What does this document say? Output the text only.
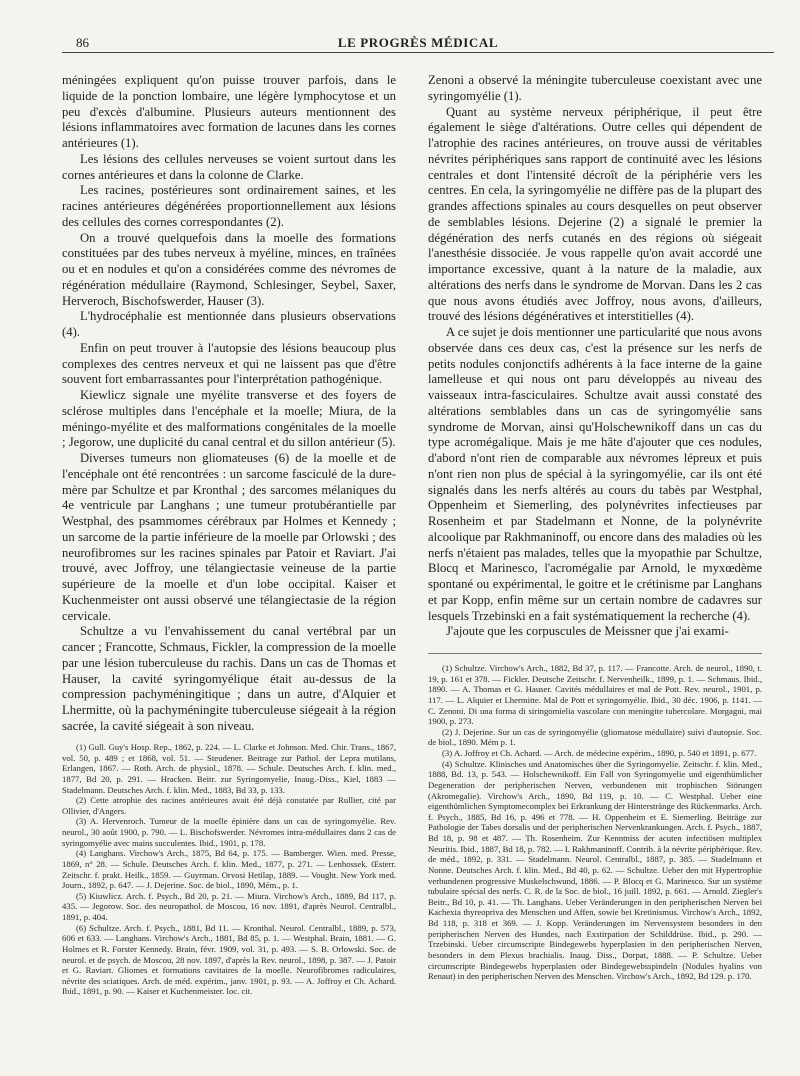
86	LE PROGRÈS MÉDICAL

méningées expliquent qu'on puisse trouver parfois, dans le liquide de la ponction lombaire, une légère lymphocytose et un peu d'excès d'albumine. Plusieurs auteurs mentionnent des lésions inflammatoires avec formation de lacunes dans les cornes antérieures (1).

Les lésions des cellules nerveuses se voient surtout dans les cornes antérieures et dans la colonne de Clarke.

Les racines, postérieures sont ordinairement saines, et les racines antérieures dégénérées proportionnellement aux lésions des cellules des cornes correspondantes (2).

On a trouvé quelquefois dans la moelle des formations constituées par des tubes nerveux à myéline, minces, en traînées ou et en nodules et qu'on a considérées comme des névromes de régénération médullaire (Raymond, Schlesinger, Seybel, Saxer, Herveroch, Bischofswerder, Hauser (3).

L'hydrocéphalie est mentionnée dans plusieurs observations (4).

Enfin on peut trouver à l'autopsie des lésions beaucoup plus complexes des centres nerveux et qui ne laissent pas que d'être souvent fort embarrassantes pour l'interprétation pathogénique.

Kiewlicz signale une myélite transverse et des foyers de sclérose multiples dans l'encéphale et la moelle; Miura, de la méningo-myélite et des malformations congénitales de la moelle ; Jegorow, une duplicité du canal central et du sillon antérieur (5).

Diverses tumeurs non gliomateuses (6) de la moelle et de l'encéphale ont été rencontrées : un sarcome fasciculé de la dure-mère par Schultze et par Kronthal ; des sarcomes mélaniques du 4e ventricule par Langhans ; une tumeur protubérantielle par Westphal, des psammomes cérébraux par Holmes et Kennedy ; un sarcome de la partie inférieure de la moelle par Orlowski ; des neurofibromes sur les racines spinales par Patoir et Raviart. J'ai trouvé, avec Joffroy, une télangiectasie veineuse de la partie supérieure de la moelle et d'un lobe occipital. Kaiser et Kuchenmeister ont aussi observé une télangiectasie de la région cervicale.

Schultze a vu l'envahissement du canal vertébral par un cancer ; Francotte, Schmaus, Fickler, la compression de la moelle par une lésion tuberculeuse du rachis. Dans un cas de Thomas et Hauser, la cavité syringomyélique était au-dessus de la compression pachyméningitique ; dans un autre, d'Alquier et Lhermitte, où la pachyméningite tuberculeuse siégeait à la région sacrée, la cavité siégeait à son niveau.

Zenoni a observé la méningite tuberculeuse coexistant avec une syringomyélie (1).

Quant au système nerveux périphérique, il peut être également le siège d'altérations. Outre celles qui dépendent de l'atrophie des racines antérieures, on trouve aussi de véritables névrites périphériques sans rapport de continuité avec les lésions centrales et dont l'intensité décroît de la périphérie vers les centres. En cela, la syringomyélie ne diffère pas de la plupart des grandes affections spinales au cours desquelles on peut observer de semblables lésions. Dejerine (2) a signalé le premier la dégénération des nerfs cutanés en des régions où siégeait l'anesthésie dissociée. Je vous rappelle qu'on avait accordé une importance excessive, quant à la nature de la maladie, aux altérations des nerfs dans le syndrome de Morvan. Dans les 2 cas que nous avons étudiés avec Joffroy, nous avons, d'ailleurs, trouvé des lésions dégénératives et interstitielles (4).

A ce sujet je dois mentionner une particularité que nous avons observée dans ces deux cas, c'est la présence sur les nerfs de petits nodules conjonctifs adhérents à la face interne de la gaine lamelleuse et qui nous ont paru développés au niveau des vaisseaux intra-fasciculaires. Schultze avait aussi constaté des altérations semblables dans un cas de syringomyélie sans syndrome de Morvan, ainsi qu'Holschewnikoff dans un cas du type acromégalique. Mais je me hâte d'ajouter que ces nodules, d'abord n'ont rien de comparable aux névromes lépreux et puis n'ont rien non plus de spécial à la syringomyélie, car ils ont été signalés dans les nerfs altérés au cours du tabès par Westphal, Oppenheim et Siemerling, des polynévrites infectieuses par Rosenheim et par Stadelmann et Nonne, de la polynévrite alcoolique par Rakhmaninoff, ou encore dans des maladies où les nerfs n'étaient pas malades, telles que la myopathie par Schultze, Blocq et Marinesco, l'acromégalie par Arnold, le myxœdème spontané ou expérimental, le goitre et le crétinisme par Langhans et par Kopp, enfin même sur un certain nombre de cadavres sur lesquels Trzebinski en a fait systématiquement la recherche (4).

J'ajoute que les corpuscules de Meissner que j'ai exami-

(1) Gull. Guy's Hosp. Rep., 1862, p. 224. — L. Clarke et Johnson. Med. Chir. Trans., 1867, vol. 50, p. 489 ; et 1868, vol. 51. — Steudener. Beitrage zur Pathol. der Lepra mutilans, Erlangen, 1867. — Roth. Arch. de physiol., 1878. — Schule. Deutsches Arch. f. klin. med., 1877, Bd 20, p. 291. — Hracken. Beitr. zur Syringomyelie, Inaug.-Diss., Kiel, 1883 — Stadelmann. Deutsches Arch. f. klin. Med., 1883, Bd 33, p. 133.

(2) Cette atrophie des racines antérieures avait été déjà constatée par Rullier, cité par Ollivier, d'Angers.

(3) A. Hervenroch. Tumeur de la moelle épinière dans un cas de syringomyélie. Rev. neurol., 30 août 1900, p. 790. — L. Bischofswerder. Névromes intra-médullaires dans 2 cas de syringomyélie avec mains succulentes. Ibid., 1901, p. 178.

(4) Langhans. Virchow's Arch., 1875, Bd 64, p. 175. — Bamberger. Wien. med. Presse, 1869, n° 28. — Schule. Deutsches Arch. f. klin. Med., 1877, p. 271. — Lenhossek. Œsterr. Zeitschr. f. prakt. Heilk., 1859. — Guyrman. Orvosi Hetilap, 1889. — Vought. New York med. Journ., 1892, p. 647. — J. Dejerine. Soc. de biol., 1890, Mém., p. 1.

(5) Kiuwlicz. Arch. f. Psych., Bd 20, p. 21. — Miura. Virchow's Arch., 1889, Bd 117, p. 435. — Jegorow. Soc. des neuropathol. de Moscou, 16 nov. 1891, d'après Neurol. Centralbl., 1891, p. 404.

(6) Schultze. Arch. f. Psych., 1881, Bd 11. — Kronthal. Neurol. Centralbl., 1889, p. 573, 606 et 633. — Langhans. Virchow's Arch., 1881, Bd 85, p. 1. — Westphal. Brain, 1881. — G. Holmes et R. Forster Kennedy. Brain, févr. 1909, vol. 31, p. 493. — S. B. Orlowski. Soc. de neurol. et de psych. de Moscou, 28 nov. 1897, d'après la Rev. neurol., 1898, p. 387. — J. Patoir et G. Raviart. Gliomes et formations cavitaires de la moelle. Neurofibromes radiculaires, névrite des sciatiques. Arch. de méd. expérim., janv. 1901, p. 93. — A. Joffroy et Ch. Achard. Ibid., 1891, p. 90. — Kaiser et Kuchenmeister. loc. cit.

(1) Schultze. Virchow's Arch., 1882, Bd 37, p. 117. — Francotte. Arch. de neurol., 1890, t. 19, p. 161 et 378. — Fickler. Deutsche Zeitschr. f. Nervenheilk., 1899, p. 1. — Schmaus. Ibid., 1890. — A. Thomas et G. Hauser. Cavités médullaires et mal de Pott. Rev. neurol., 1901, p. 117. — L. Alquier et Lhermitte. Mal de Pott et syringomyélie. Ibid., 30 déc. 1906, p. 1141. — C. Zenoni. Di una forma di siringomielia vascolare con meningite tubercolare. Morgagni, mai 1900, p. 273.

(2) J. Dejerine. Sur un cas de syringomyélie (gliomatose médullaire) suivi d'autopsie. Soc. de biol., 1890. Mém p. 1.

(3) A. Joffroy et Ch. Achard. — Arch. de médecine expérim., 1890, p. 540 et 1891, p. 677.

(4) Schultze. Klinisches und Anatomisches über die Syringomyelie. Zeitschr. f. klin. Med., 1888, Bd. 13, p. 543. — Holschewnikoff. Ein Fall von Syringomyelie und eigenthümlicher Degeneration der peripherischen Nerven, verbundenen mit trophischen Störungen (Akromegalie). Virchow's Arch., 1890, Bd 119, p. 10. — C. Westphal. Ueber eine eigenthümlichen Symptomecomplex bei Erkrankung der Hinterstränge des Rückenmarks. Arch. f. Psych., 1885, Bd 16, p. 496 et 778. — H. Oppenheim et E. Siemerling. Beiträge zur Pathologie der Tabes dorsalis und der peripherischen Nervenkrankungen. Arch. f. Psych., 1887, Bd 18, p. 98 et 487. — Th. Rosenheim. Zur Kenntniss der acuten infectiösen multiplex Neuritis. Ibid., 1887, Bd 18, p. 782. — I. Rakhmaninoff. Contrib. à la névrite périphérique. Rev. de méd., 1892, p. 331. — Stadelmann. Neurol. Centralbl., 1887, p. 385. — Stadelmann et Nonne. Deutsches Arch. f. klin. Med., Bd 40, p. 62. — Schultze. Ueber den mit Hypertrophie verbundenen progressive Muskelschwund, 1886. — P. Blocq et G. Marinesco. Sur un système tubulaire spécial des nerfs. C. R. de la Soc. de biol., 16 juill. 1892, p. 661. — Arnold. Ziegler's Beitr., Bd 10, p. 41. — Th. Langhans. Ueber Veränderungen in den peripherischen Nerven bei Kachexia thyreopriva des Menschen und Affen, sowie bei Kretinismus. Virchow's Arch., 1892, Bd 118, p. 318 et 369. — J. Kopp. Veränderungen im Nervensystem besonders in den peripherischen Nerven des Hundes, nach Exstirpation der Schilddrüse. Ibid., p. 290. — Trzebinski. Ueber circumscripte Bindegewebs hyperplasien in den peripherischen Nerven, besonders in dem Plexus brachialis. Inaug. Diss., Dorpat, 1888. — P. Schultze. Ueber circumscripte Bindegewebs hyperplasien oder Bindegewebsspindeln (Nodules hyalins von Renaut) in den peripherischen Nerven des Menschen. Virchow's Arch., 1892, Bd 129. p. 170.
